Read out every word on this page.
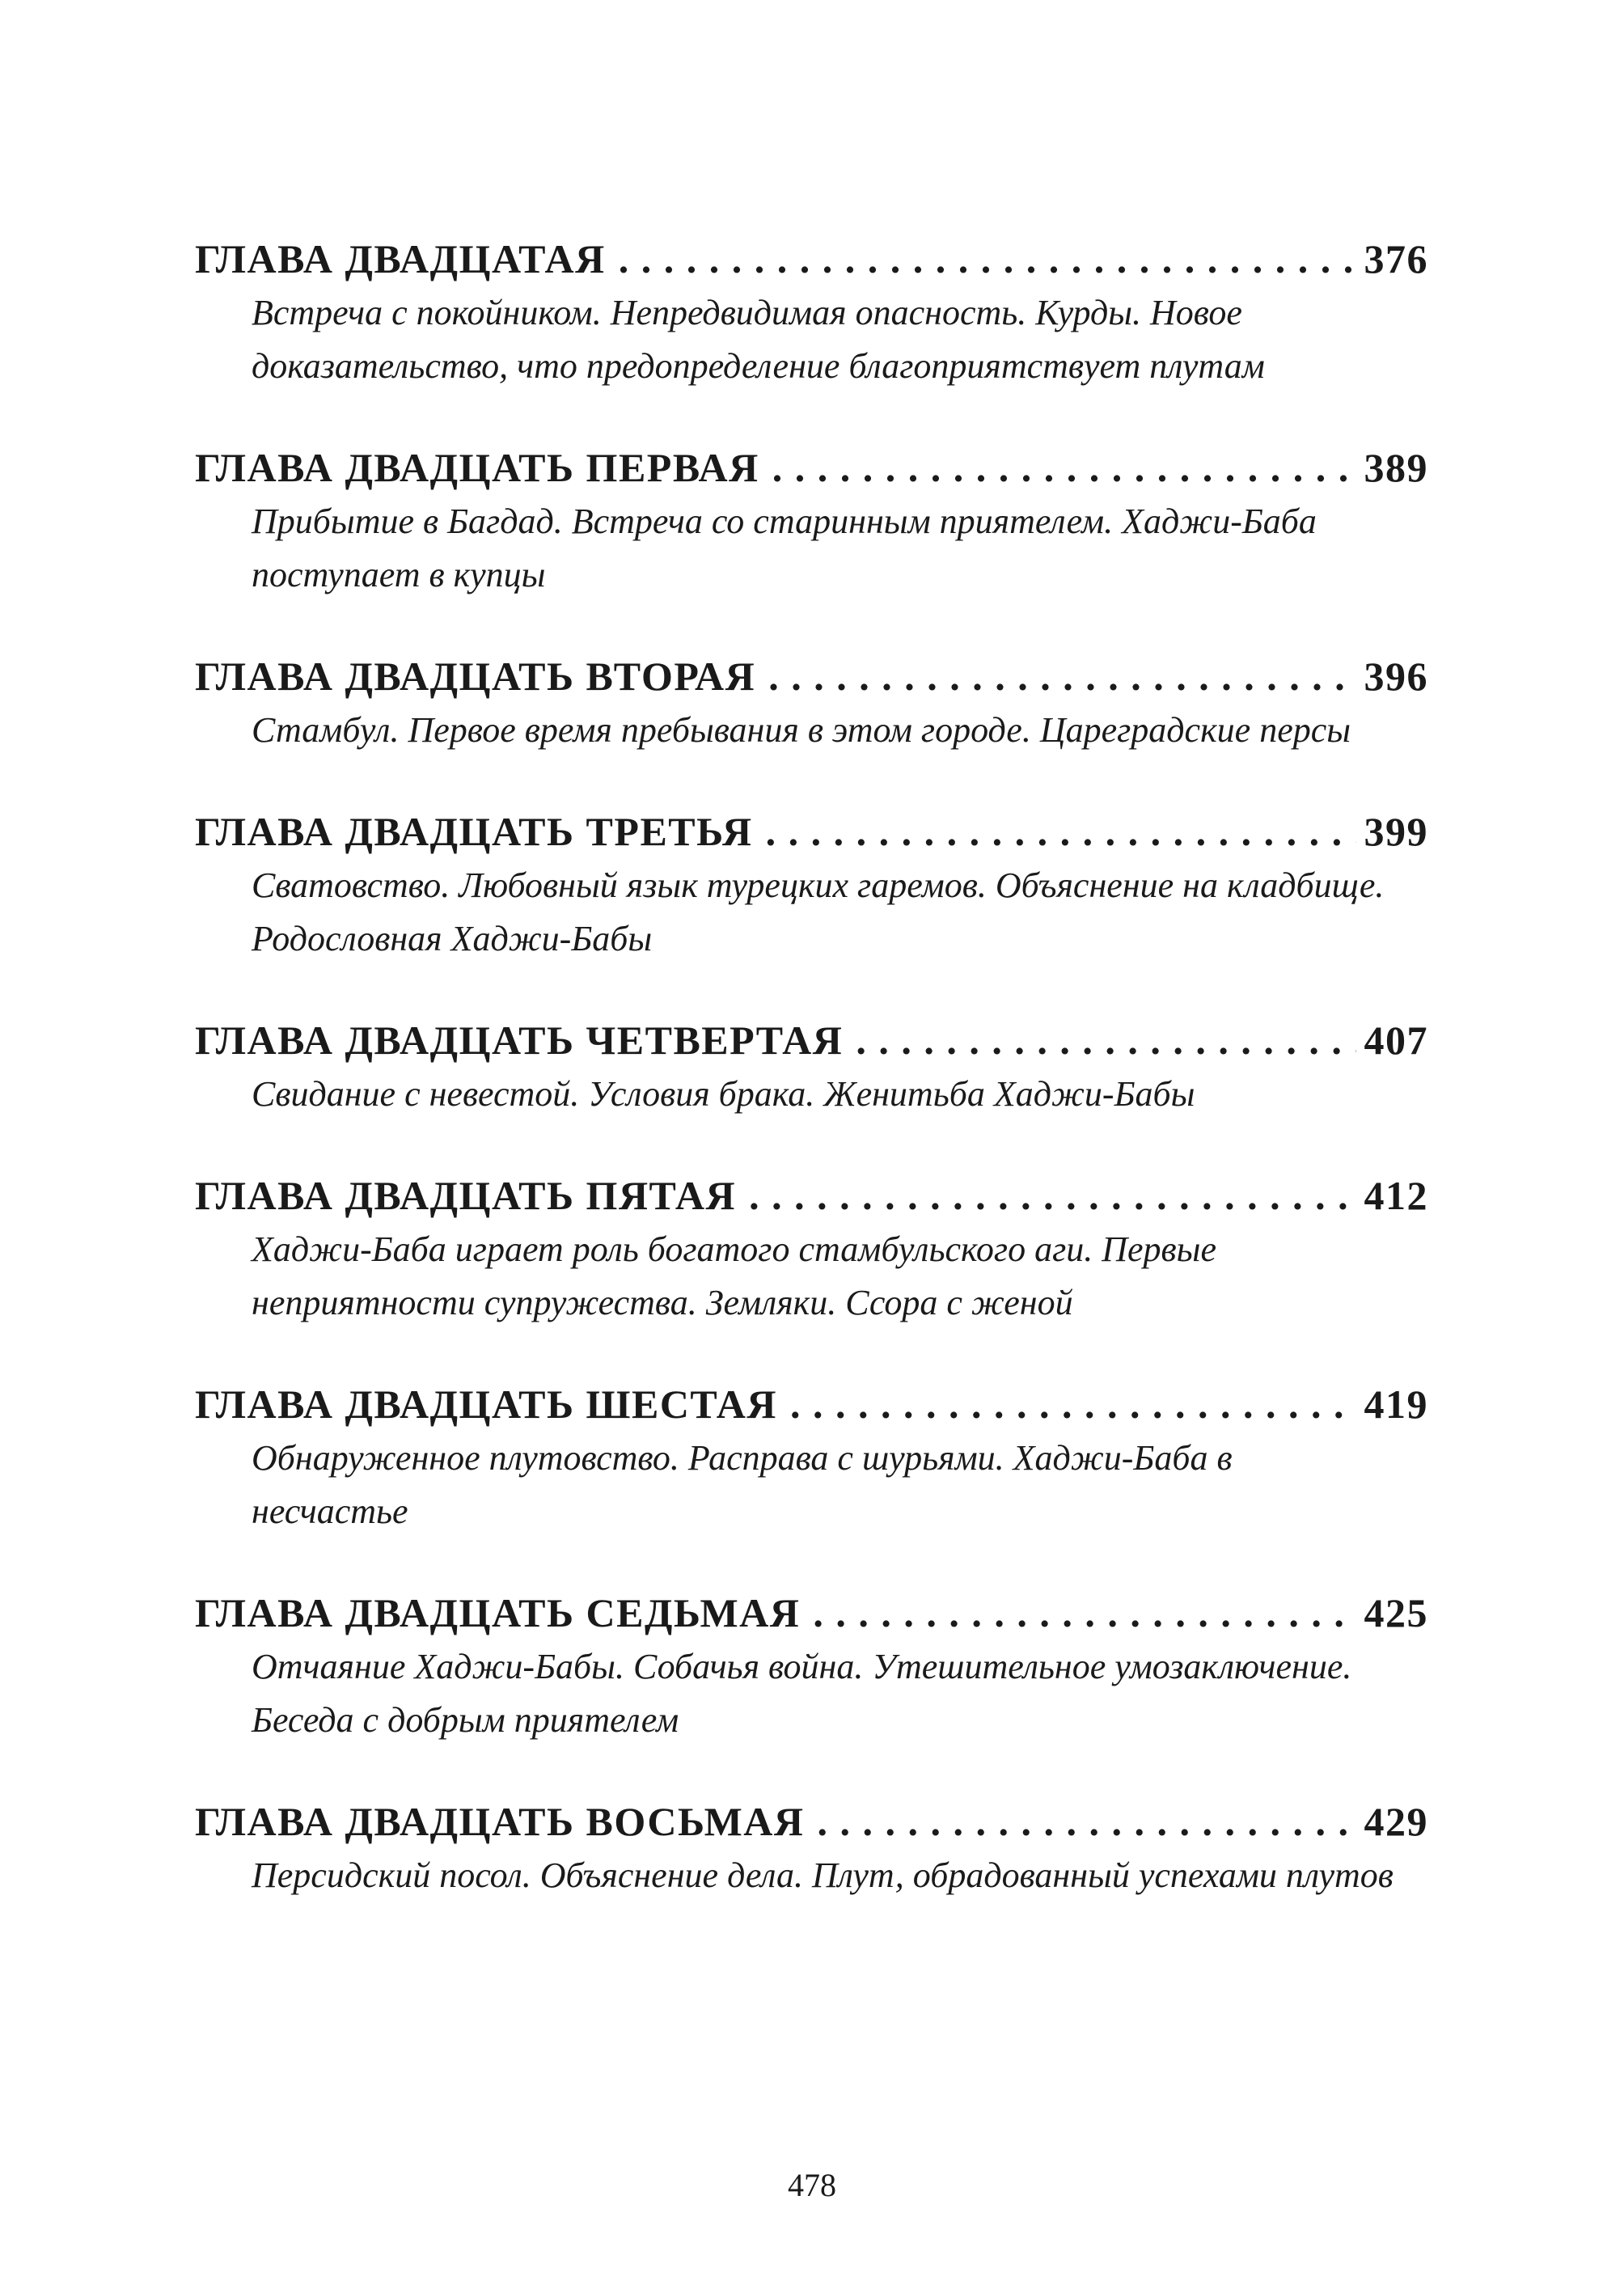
ГЛАВА ДВАДЦАТАЯ . . .	376
Встреча с покойником. Непредвидимая опасность. Курды. Новое доказательство, что предопределение благоприятствует плутам
ГЛАВА ДВАДЦАТЬ ПЕРВАЯ . . .	389
Прибытие в Багдад. Встреча со старинным приятелем. Хаджи-Баба поступает в купцы
ГЛАВА ДВАДЦАТЬ ВТОРАЯ . . .	396
Стамбул. Первое время пребывания в этом городе. Цареградские персы
ГЛАВА ДВАДЦАТЬ ТРЕТЬЯ . . .	399
Сватовство. Любовный язык турецких гаремов. Объяснение на кладбище. Родословная Хаджи-Бабы
ГЛАВА ДВАДЦАТЬ ЧЕТВЕРТАЯ . . .	407
Свидание с невестой. Условия брака. Женитьба Хаджи-Бабы
ГЛАВА ДВАДЦАТЬ ПЯТАЯ . . .	412
Хаджи-Баба играет роль богатого стамбульского аги. Первые неприятности супружества. Земляки. Ссора с женой
ГЛАВА ДВАДЦАТЬ ШЕСТАЯ . . .	419
Обнаруженное плутовство. Расправа с шурьями. Хаджи-Баба в несчастье
ГЛАВА ДВАДЦАТЬ СЕДЬМАЯ . . .	425
Отчаяние Хаджи-Бабы. Собачья война. Утешительное умозаключение. Беседа с добрым приятелем
ГЛАВА ДВАДЦАТЬ ВОСЬМАЯ . . .	429
Персидский посол. Объяснение дела. Плут, обрадованный успехами плутов
478
